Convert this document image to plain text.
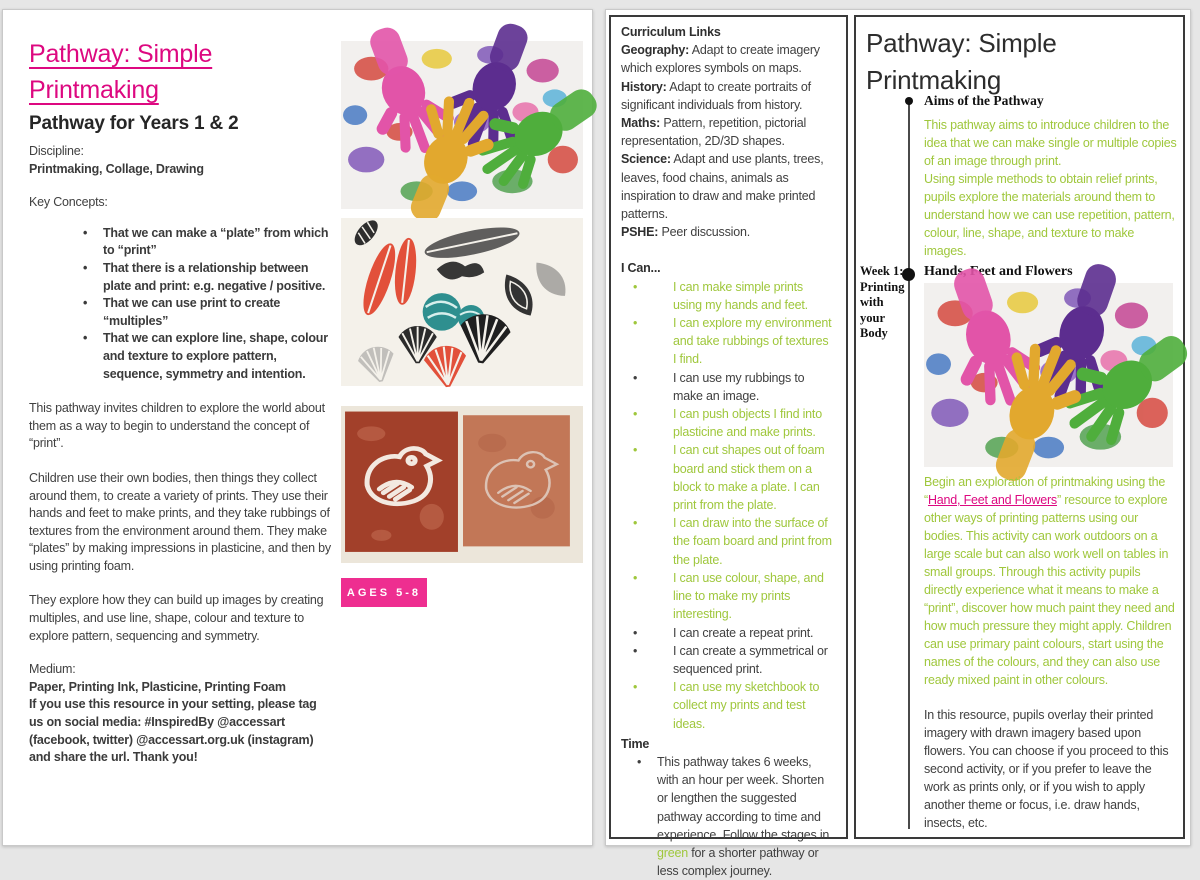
Pathway: Simple Printmaking
Pathway for Years 1 & 2
Discipline:
Printmaking, Collage, Drawing
Key Concepts:
• That we can make a “plate” from which to “print”
• That there is a relationship between plate and print: e.g. negative / positive.
• That we can use print to create “multiples”
• That we can explore line, shape, colour and texture to explore pattern, sequence, symmetry and intention.

This pathway invites children to explore the world about them as a way to begin to understand the concept of “print”.

Children use their own bodies, then things they collect around them, to create a variety of prints. They use their hands and feet to make prints, and they take rubbings of textures from the environment around them. They make “plates” by making impressions in plasticine, and then by using printing foam.

They explore how they can build up images by creating multiples, and use line, shape, colour and texture to explore pattern, sequencing and symmetry.

Medium:
Paper, Printing Ink, Plasticine, Printing Foam
If you use this resource in your setting, please tag us on social media: #InspiredBy @accessart (facebook, twitter) @accessart.org.uk (instagram) and share the url. Thank you!
AGES 5-8
Curriculum Links
Geography: Adapt to create imagery which explores symbols on maps.
History: Adapt to create portraits of significant individuals from history.
Maths: Pattern, repetition, pictorial representation, 2D/3D shapes.
Science: Adapt and use plants, trees, leaves, food chains, animals as inspiration to draw and make printed patterns.
PSHE: Peer discussion.
I Can...
• I can make simple prints using my hands and feet.
• I can explore my environment and take rubbings of textures I find.
• I can use my rubbings to make an image.
• I can push objects I find into plasticine and make prints.
• I can cut shapes out of foam board and stick them on a block to make a plate. I can print from the plate.
• I can draw into the surface of the foam board and print from the plate.
• I can use colour, shape, and line to make my prints interesting.
• I can create a repeat print.
• I can create a symmetrical or sequenced print.
• I can use my sketchbook to collect my prints and test ideas.
Time
• This pathway takes 6 weeks, with an hour per week. Shorten or lengthen the suggested pathway according to time and experience. Follow the stages in green for a shorter pathway or less complex journey.
Pathway: Simple Printmaking
Aims of the Pathway
This pathway aims to introduce children to the idea that we can make single or multiple copies of an image through print.
Using simple methods to obtain relief prints, pupils explore the materials around them to understand how we can use repetition, pattern, colour, line, shape, and texture to make images.
Week 1: Printing with your Body
Hands, Feet and Flowers

Begin an exploration of printmaking using the “Hand, Feet and Flowers” resource to explore other ways of printing patterns using our bodies. This activity can work outdoors on a large scale but can also work well on tables in small groups. Through this activity pupils directly experience what it means to make a “print”, discover how much paint they need and how much pressure they might apply. Children can use primary paint colours, start using the names of the colours, and they can also use ready mixed paint in other colours.

In this resource, pupils overlay their printed imagery with drawn imagery based upon flowers. You can choose if you proceed to this second activity, or if you prefer to leave the work as prints only, or if you wish to apply another theme or focus, i.e. draw hands, insects, etc.
